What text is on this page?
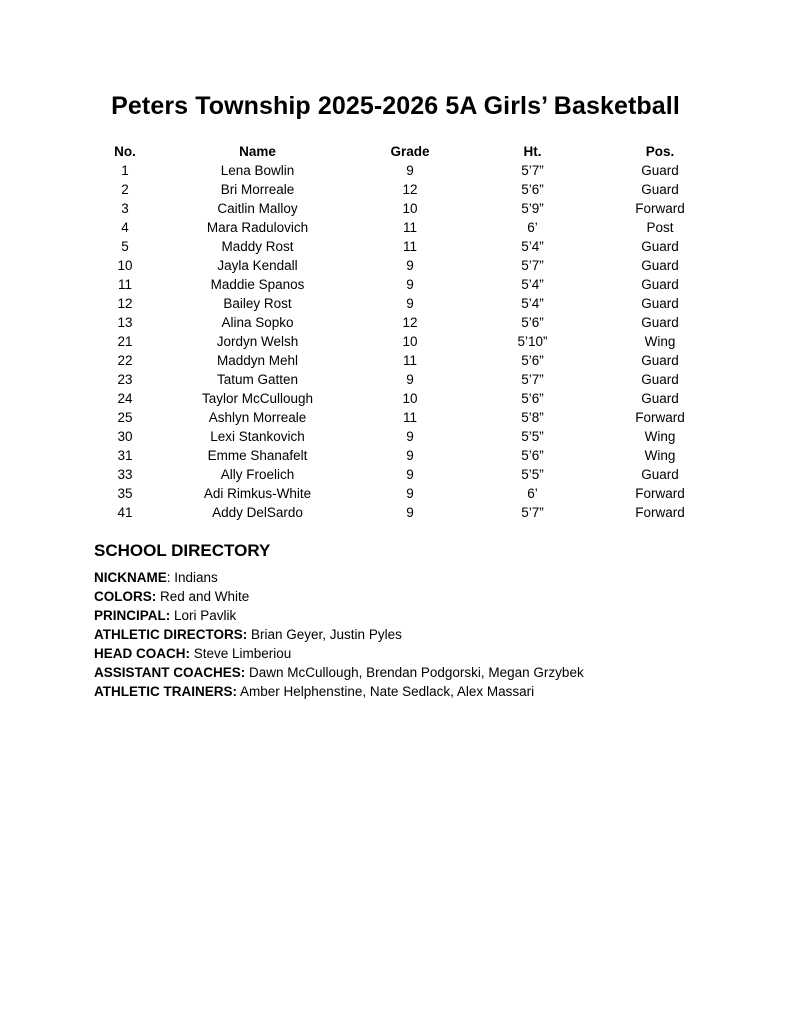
Peters Township 2025-2026 5A Girls’ Basketball
No.	Name	Grade	Ht.	Pos.
1	Lena Bowlin	9	5’7”	Guard
2	Bri Morreale	12	5’6”	Guard
3	Caitlin Malloy	10	5’9”	Forward
4	Mara Radulovich	11	6’	Post
5	Maddy Rost	11	5’4”	Guard
10	Jayla Kendall	9	5’7”	Guard
11	Maddie Spanos	9	5’4”	Guard
12	Bailey Rost	9	5’4”	Guard
13	Alina Sopko	12	5’6”	Guard
21	Jordyn Welsh	10	5’10”	Wing
22	Maddyn Mehl	11	5’6”	Guard
23	Tatum Gatten	9	5’7”	Guard
24	Taylor McCullough	10	5’6”	Guard
25	Ashlyn Morreale	11	5’8”	Forward
30	Lexi Stankovich	9	5’5”	Wing
31	Emme Shanafelt	9	5’6”	Wing
33	Ally Froelich	9	5’5”	Guard
35	Adi Rimkus-White	9	6’	Forward
41	Addy DelSardo	9	5’7”	Forward
SCHOOL DIRECTORY
NICKNAME: Indians
COLORS: Red and White
PRINCIPAL: Lori Pavlik
ATHLETIC DIRECTORS: Brian Geyer, Justin Pyles
HEAD COACH: Steve Limberiou
ASSISTANT COACHES: Dawn McCullough, Brendan Podgorski, Megan Grzybek
ATHLETIC TRAINERS: Amber Helphenstine, Nate Sedlack, Alex Massari
